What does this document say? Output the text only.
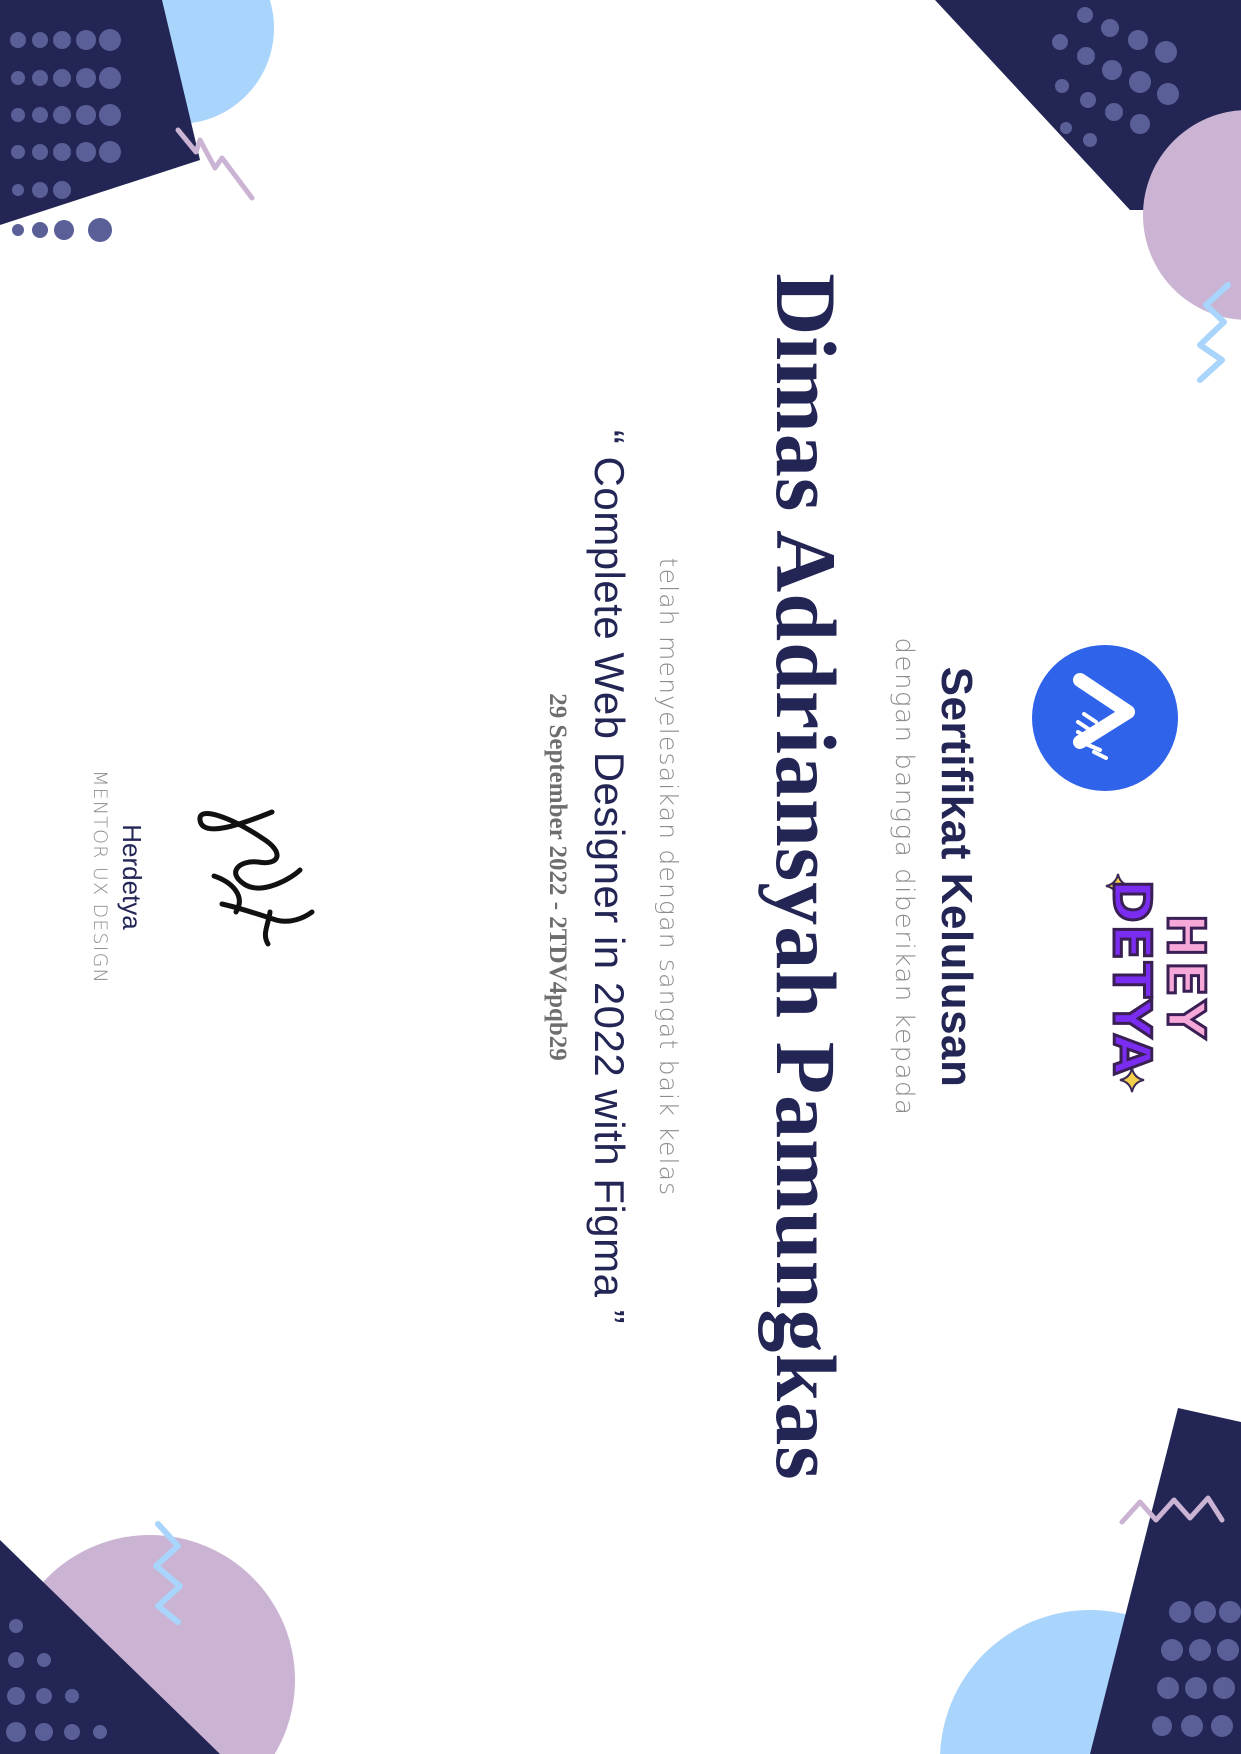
HEY
DETYA
Sertifikat Kelulusan
dengan bangga diberikan kepada
Dimas Addriansyah Pamungkas
telah menyelesaikan dengan sangat baik kelas
“ Complete Web Designer in 2022 with Figma ”
29 September 2022 - 2TDV4pqb29
Herdetya
MENTOR UX DESIGN
